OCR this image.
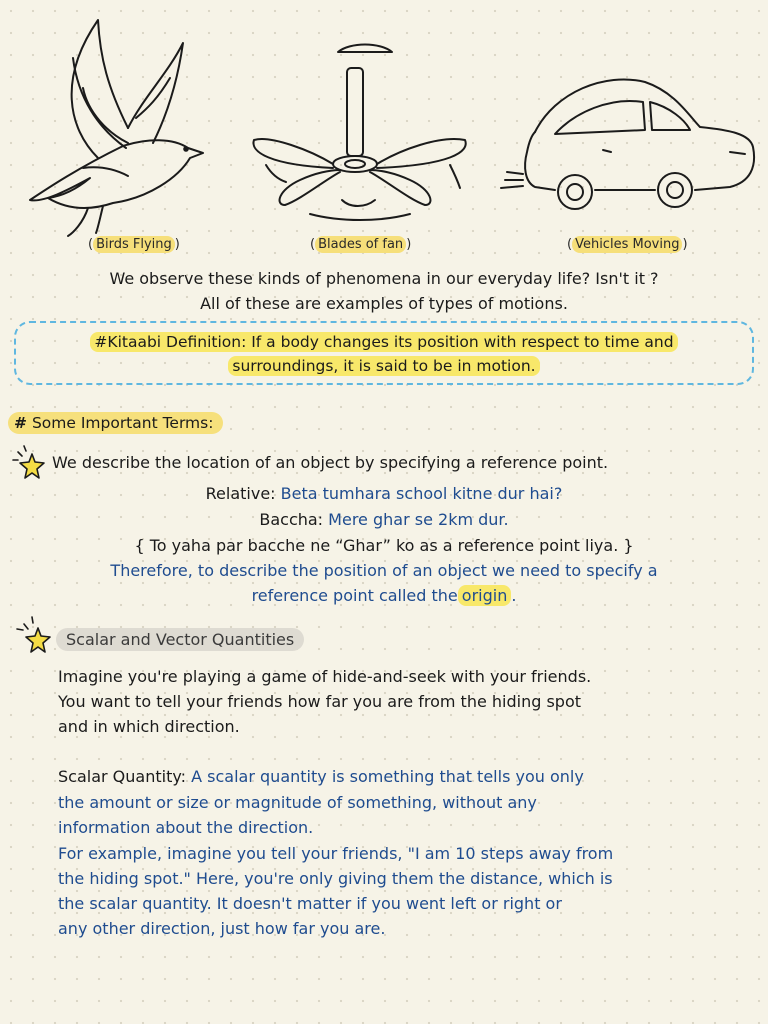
( Birds Flying )	( Blades of fan )	( Vehicles Moving )
We observe these kinds of phenomena in our everyday life? Isn't it ?
All of these are examples of types of motions.
#Kitaabi Definition: If a body changes its position with respect to time and
surroundings, it is said to be in motion.
# Some Important Terms:
We describe the location of an object by specifying a reference point.
Relative: Beta tumhara school kitne dur hai?
Baccha: Mere ghar se 2km dur.
{ To yaha par bacche ne “Ghar” ko as a reference point liya. }
Therefore, to describe the position of an object we need to specify a
reference point called the origin .
Scalar and Vector Quantities
Imagine you're playing a game of hide-and-seek with your friends.
You want to tell your friends how far you are from the hiding spot
and in which direction.
Scalar Quantity: A scalar quantity is something that tells you only
the amount or size or magnitude of something, without any
information about the direction.
For example, imagine you tell your friends, "I am 10 steps away from
the hiding spot." Here, you're only giving them the distance, which is
the scalar quantity. It doesn't matter if you went left or right or
any other direction, just how far you are.
